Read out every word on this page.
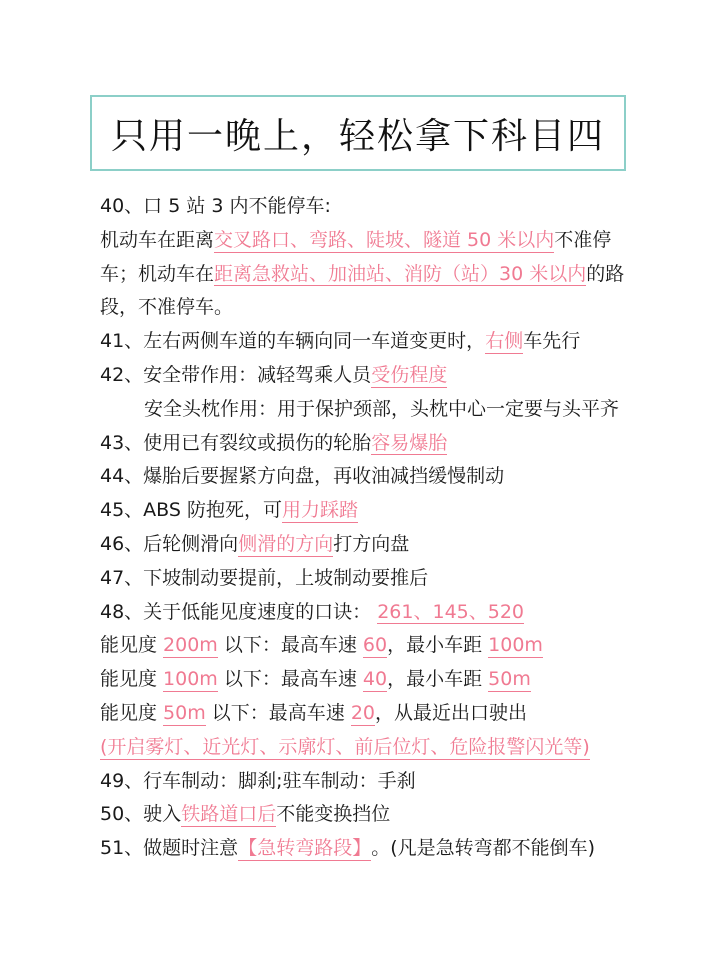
只用一晚上，轻松拿下科目四
40、口 5 站 3 内不能停车:
机动车在距离交叉路口、弯路、陡坡、隧道 50 米以内不准停
车；机动车在距离急救站、加油站、消防（站）30 米以内的路
段，不准停车。
41、左右两侧车道的车辆向同一车道变更时，右侧车先行
42、安全带作用：减轻驾乘人员受伤程度
安全头枕作用：用于保护颈部，头枕中心一定要与头平齐
43、使用已有裂纹或损伤的轮胎容易爆胎
44、爆胎后要握紧方向盘，再收油减挡缓慢制动
45、ABS 防抱死，可用力踩踏
46、后轮侧滑向侧滑的方向打方向盘
47、下坡制动要提前，上坡制动要推后
48、关于低能见度速度的口诀： 261、145、520
能见度 200m 以下：最高车速 60，最小车距 100m
能见度 100m 以下：最高车速 40，最小车距 50m
能见度 50m 以下：最高车速 20，从最近出口驶出
(开启雾灯、近光灯、示廓灯、前后位灯、危险报警闪光等)
49、行车制动：脚刹;驻车制动：手刹
50、驶入铁路道口后不能变换挡位
51、做题时注意【急转弯路段】。(凡是急转弯都不能倒车)
